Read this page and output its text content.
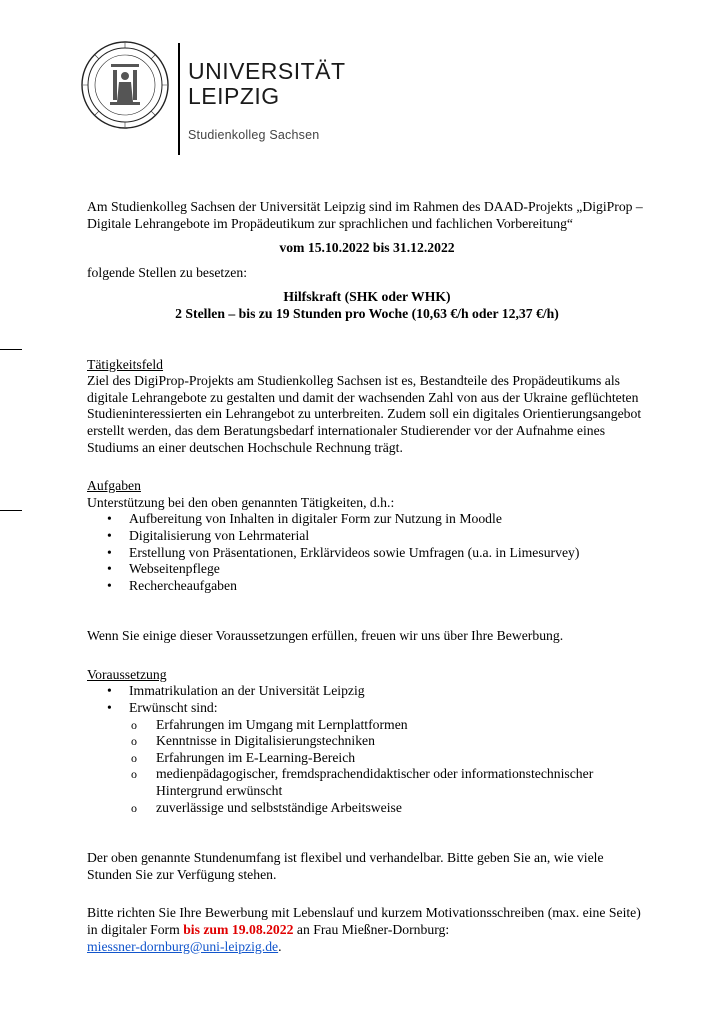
UNIVERSITÄT
LEIPZIG
Studienkolleg Sachsen

Am Studienkolleg Sachsen der Universität Leipzig sind im Rahmen des DAAD-Projekts „DigiProp – Digitale Lehrangebote im Propädeutikum zur sprachlichen und fachlichen Vorbereitung“

vom 15.10.2022 bis 31.12.2022

folgende Stellen zu besetzen:

Hilfskraft (SHK oder WHK)

2 Stellen – bis zu 19 Stunden pro Woche (10,63 €/h oder 12,37 €/h)

Tätigkeitsfeld

Ziel des DigiProp-Projekts am Studienkolleg Sachsen ist es, Bestandteile des Propädeutikums als digitale Lehrangebote zu gestalten und damit der wachsenden Zahl von aus der Ukraine geflüchteten Studieninteressierten ein Lehrangebot zu unterbreiten. Zudem soll ein digitales Orientierungsangebot erstellt werden, das dem Beratungsbedarf internationaler Studierender vor der Aufnahme eines Studiums an einer deutschen Hochschule Rechnung trägt.

Aufgaben

Unterstützung bei den oben genannten Tätigkeiten, d.h.:

• Aufbereitung von Inhalten in digitaler Form zur Nutzung in Moodle
• Digitalisierung von Lehrmaterial
• Erstellung von Präsentationen, Erklärvideos sowie Umfragen (u.a. in Limesurvey)
• Webseitenpflege
• Rechercheaufgaben

Wenn Sie einige dieser Voraussetzungen erfüllen, freuen wir uns über Ihre Bewerbung.

Voraussetzung

• Immatrikulation an der Universität Leipzig
• Erwünscht sind:
o Erfahrungen im Umgang mit Lernplattformen
o Kenntnisse in Digitalisierungstechniken
o Erfahrungen im E-Learning-Bereich
o medienpädagogischer, fremdsprachendidaktischer oder informationstechnischer Hintergrund erwünscht
o zuverlässige und selbstständige Arbeitsweise

Der oben genannte Stundenumfang ist flexibel und verhandelbar. Bitte geben Sie an, wie viele Stunden Sie zur Verfügung stehen.

Bitte richten Sie Ihre Bewerbung mit Lebenslauf und kurzem Motivationsschreiben (max. eine Seite) in digitaler Form bis zum 19.08.2022 an Frau Mießner-Dornburg:

miessner-dornburg@uni-leipzig.de.
